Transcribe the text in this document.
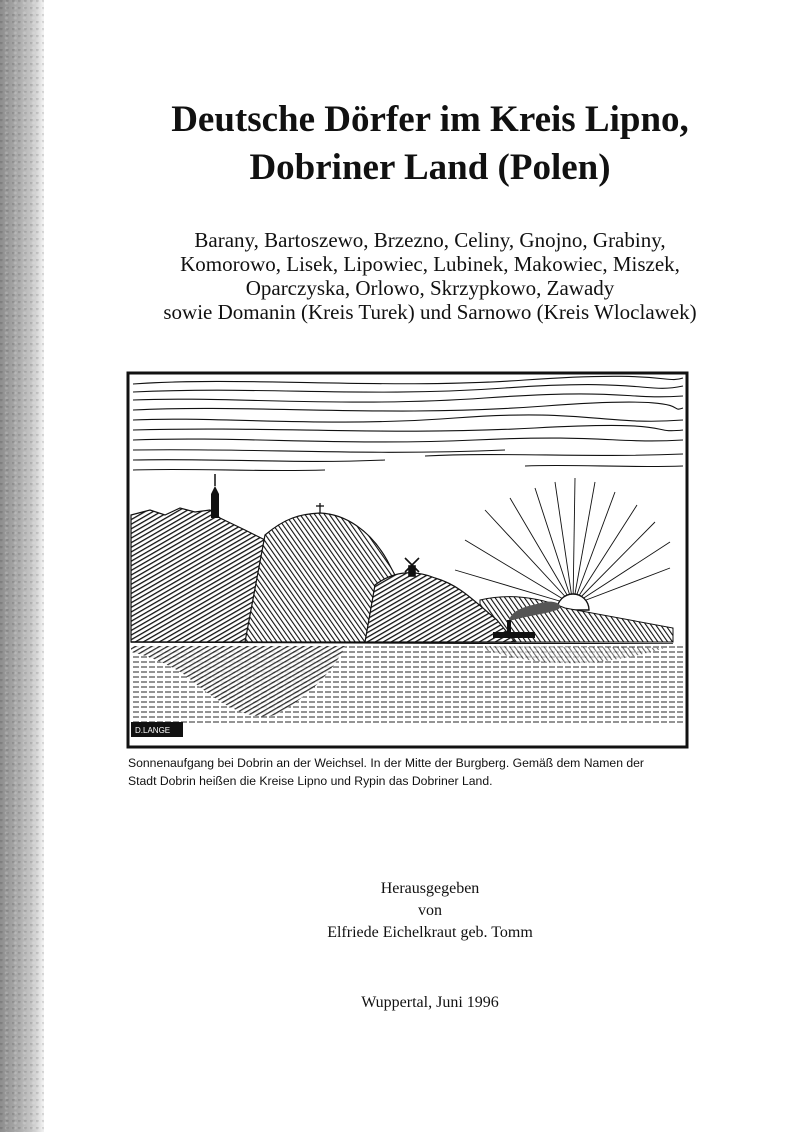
Deutsche Dörfer im Kreis Lipno,
Dobriner Land (Polen)
Barany, Bartoszewo, Brzezno, Celiny, Gnojno, Grabiny,
Komorowo, Lisek, Lipowiec, Lubinek, Makowiec, Miszek,
Oparczyska, Orlowo, Skrzypkowo, Zawady
sowie Domanin (Kreis Turek) und Sarnowo (Kreis Wloclawek)
D.LANGE
Sonnenaufgang bei Dobrin an der Weichsel. In der Mitte der Burgberg. Gemäß dem Namen der
Stadt Dobrin heißen die Kreise Lipno und Rypin das Dobriner Land.
Herausgegeben
von
Elfriede Eichelkraut geb. Tomm
Wuppertal, Juni 1996
